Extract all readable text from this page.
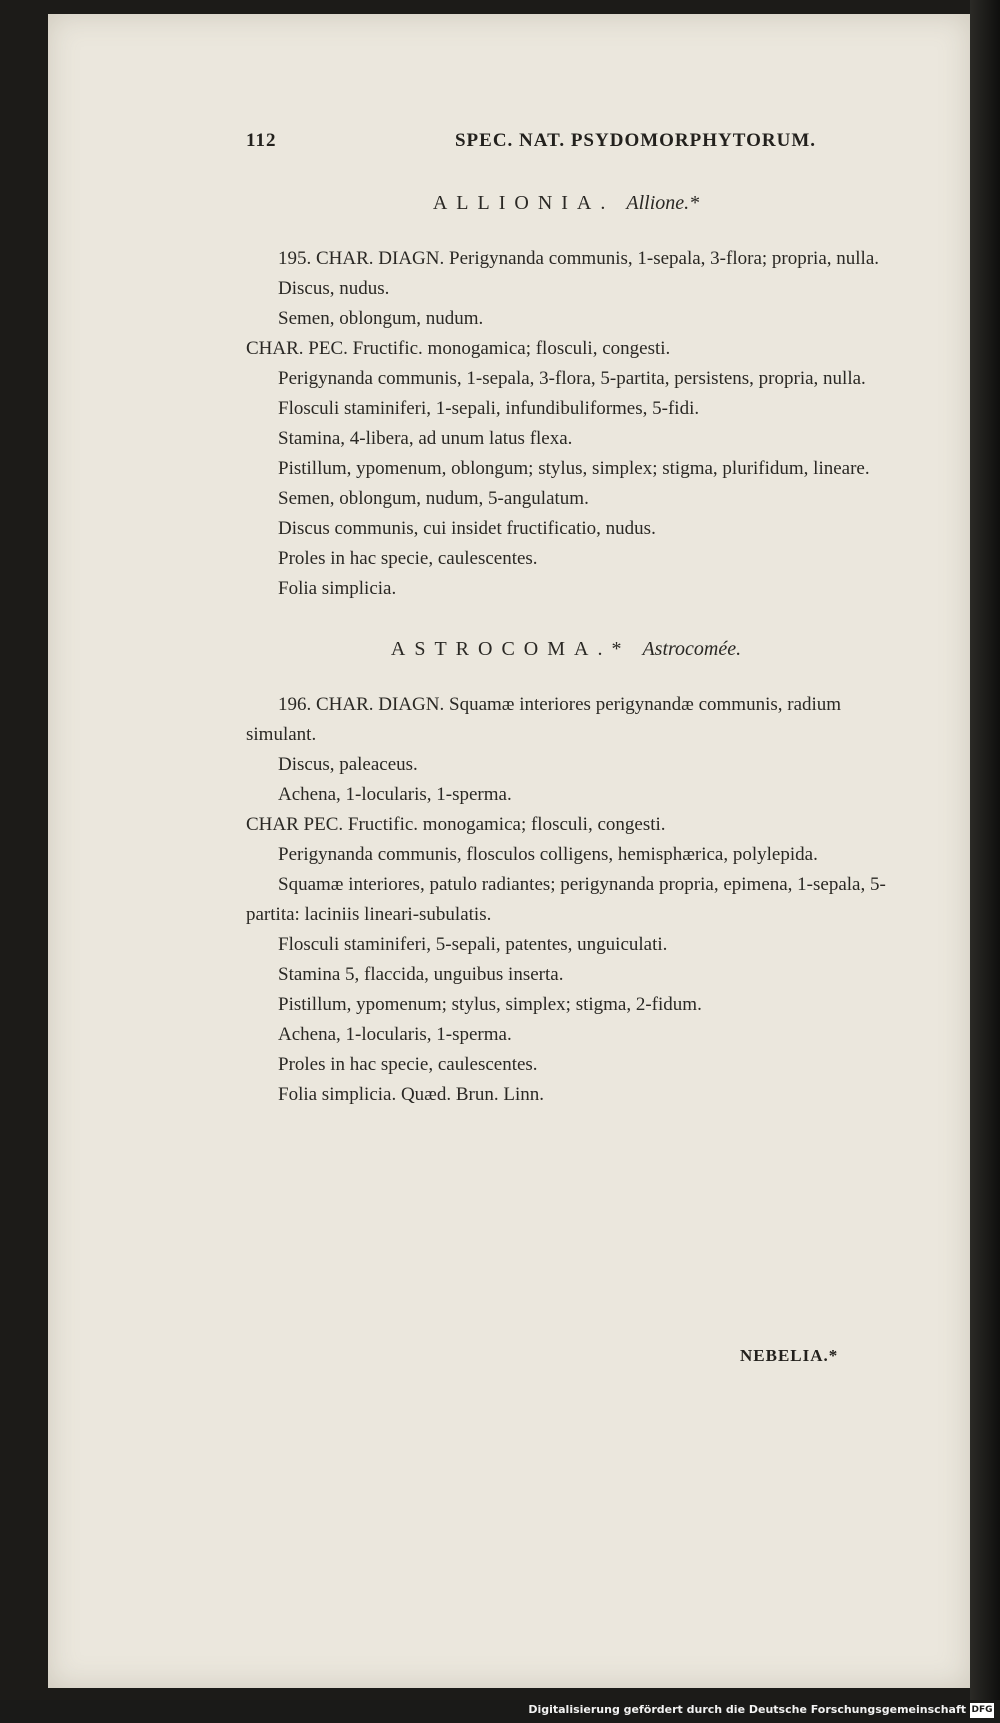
112	SPEC. NAT. PSYDOMORPHYTORUM.

ALLIONIA. Allione.*

195. CHAR. DIAGN. Perigynanda communis, 1-sepala, 3-flora; propria, nulla.

Discus, nudus.

Semen, oblongum, nudum.

CHAR. PEC. Fructific. monogamica; flosculi, congesti.

Perigynanda communis, 1-sepala, 3-flora, 5-partita, persistens, propria, nulla.

Flosculi staminiferi, 1-sepali, infundibuliformes, 5-fidi.

Stamina, 4-libera, ad unum latus flexa.

Pistillum, ypomenum, oblongum; stylus, simplex; stigma, plurifidum, lineare.

Semen, oblongum, nudum, 5-angulatum.

Discus communis, cui insidet fructificatio, nudus.

Proles in hac specie, caulescentes.

Folia simplicia.

ASTROCOMA.* Astrocomée.

196. CHAR. DIAGN. Squamæ interiores perigynandæ communis, radium simulant.

Discus, paleaceus.

Achena, 1-locularis, 1-sperma.

CHAR PEC. Fructific. monogamica; flosculi, congesti.

Perigynanda communis, flosculos colligens, hemisphærica, polylepida.

Squamæ interiores, patulo radiantes; perigynanda propria, epimena, 1-sepala, 5-partita: laciniis lineari-subulatis.

Flosculi staminiferi, 5-sepali, patentes, unguiculati.

Stamina 5, flaccida, unguibus inserta.

Pistillum, ypomenum; stylus, simplex; stigma, 2-fidum.

Achena, 1-locularis, 1-sperma.

Proles in hac specie, caulescentes.

Folia simplicia. Quæd. Brun. Linn.

NEBELIA.*
Digitalisierung gefördert durch die Deutsche Forschungsgemeinschaft DFG
